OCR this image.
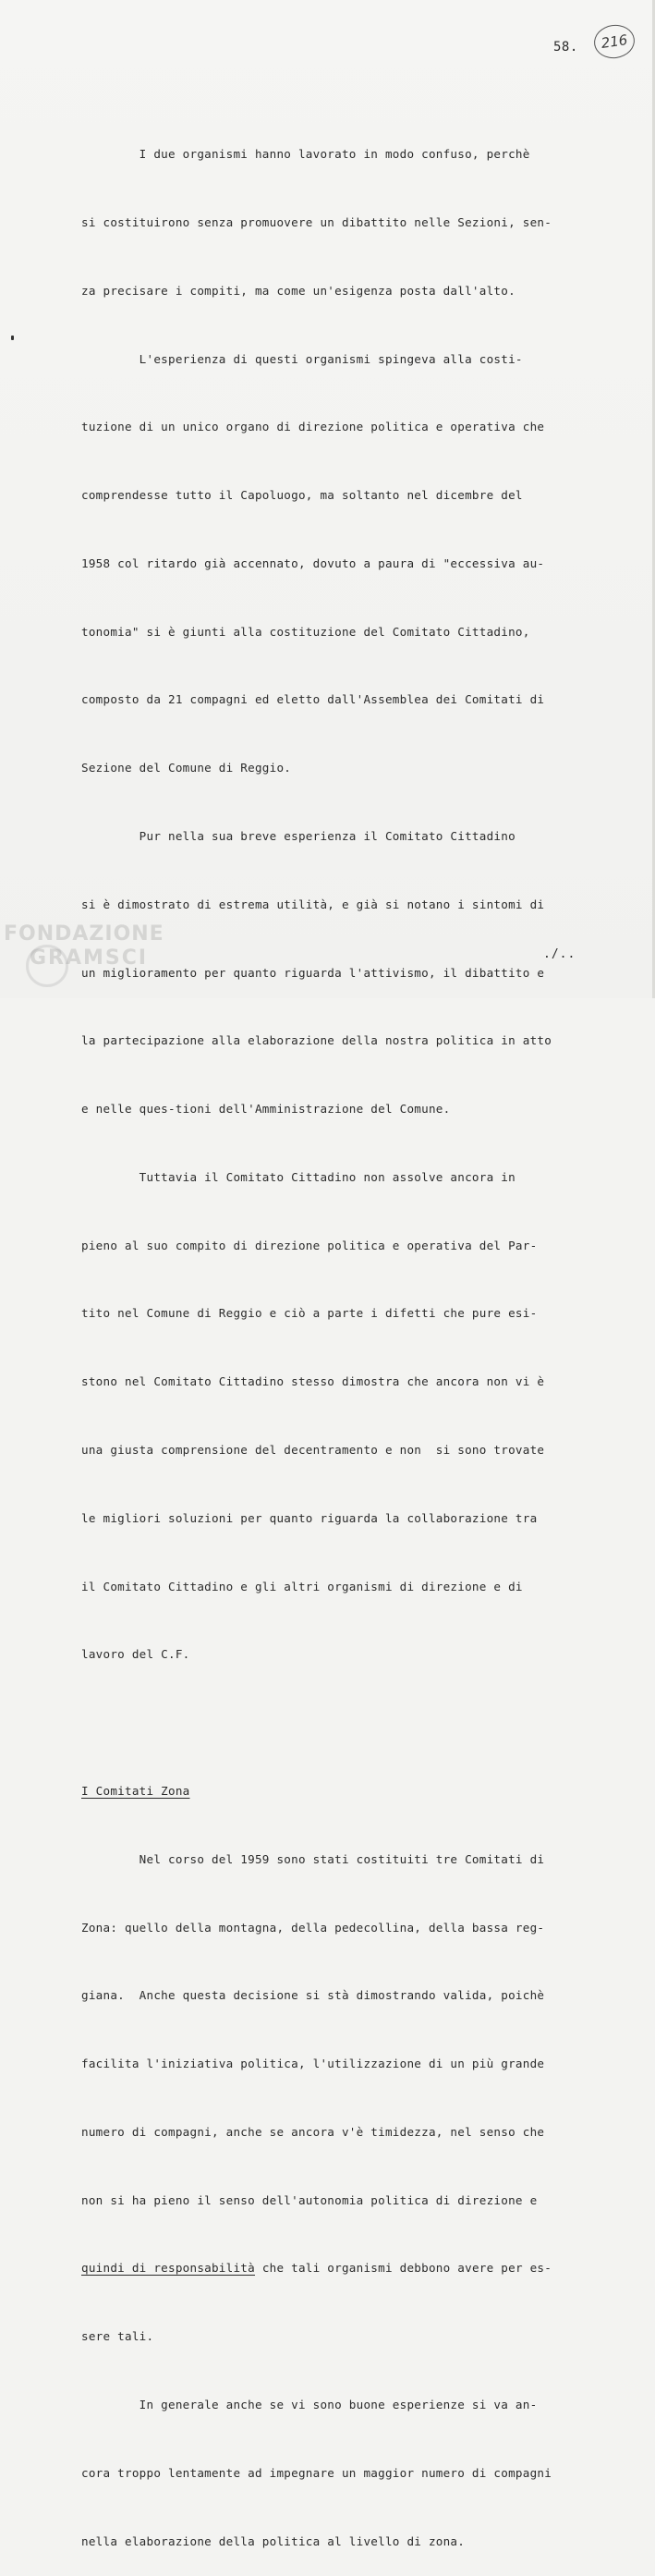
58.	216

I due organismi hanno lavorato in modo confuso, perchè

si costituirono senza promuovere un dibattito nelle Sezioni, sen-

za precisare i compiti, ma come un'esigenza posta dall'alto.

L'esperienza di questi organismi spingeva alla costi-

tuzione di un unico organo di direzione politica e operativa che

comprendesse tutto il Capoluogo, ma soltanto nel dicembre del

1958 col ritardo già accennato, dovuto a paura di "eccessiva au-

tonomia" si è giunti alla costituzione del Comitato Cittadino,

composto da 21 compagni ed eletto dall'Assemblea dei Comitati di

Sezione del Comune di Reggio.

Pur nella sua breve esperienza il Comitato Cittadino

si è dimostrato di estrema utilità, e già si notano i sintomi di

un miglioramento per quanto riguarda l'attivismo, il dibattito e

la partecipazione alla elaborazione della nostra politica in atto

e nelle ques-tioni dell'Amministrazione del Comune.

Tuttavia il Comitato Cittadino non assolve ancora in

pieno al suo compito di direzione politica e operativa del Par-

tito nel Comune di Reggio e ciò a parte i difetti che pure esi-

stono nel Comitato Cittadino stesso dimostra che ancora non vi è

una giusta comprensione del decentramento e non  si sono trovate

le migliori soluzioni per quanto riguarda la collaborazione tra

il Comitato Cittadino e gli altri organismi di direzione e di

lavoro del C.F.

I Comitati Zona

Nel corso del 1959 sono stati costituiti tre Comitati di

Zona: quello della montagna, della pedecollina, della bassa reg-

giana.  Anche questa decisione si stà dimostrando valida, poichè

facilita l'iniziativa politica, l'utilizzazione di un più grande

numero di compagni, anche se ancora v'è timidezza, nel senso che

non si ha pieno il senso dell'autonomia politica di direzione e

quindi di responsabilità che tali organismi debbono avere per es-

sere tali.

In generale anche se vi sono buone esperienze si va an-

cora troppo lentamente ad impegnare un maggior numero di compagni

nella elaborazione della politica al livello di zona.

./..
FONDAZIONE
GRAMSCI
